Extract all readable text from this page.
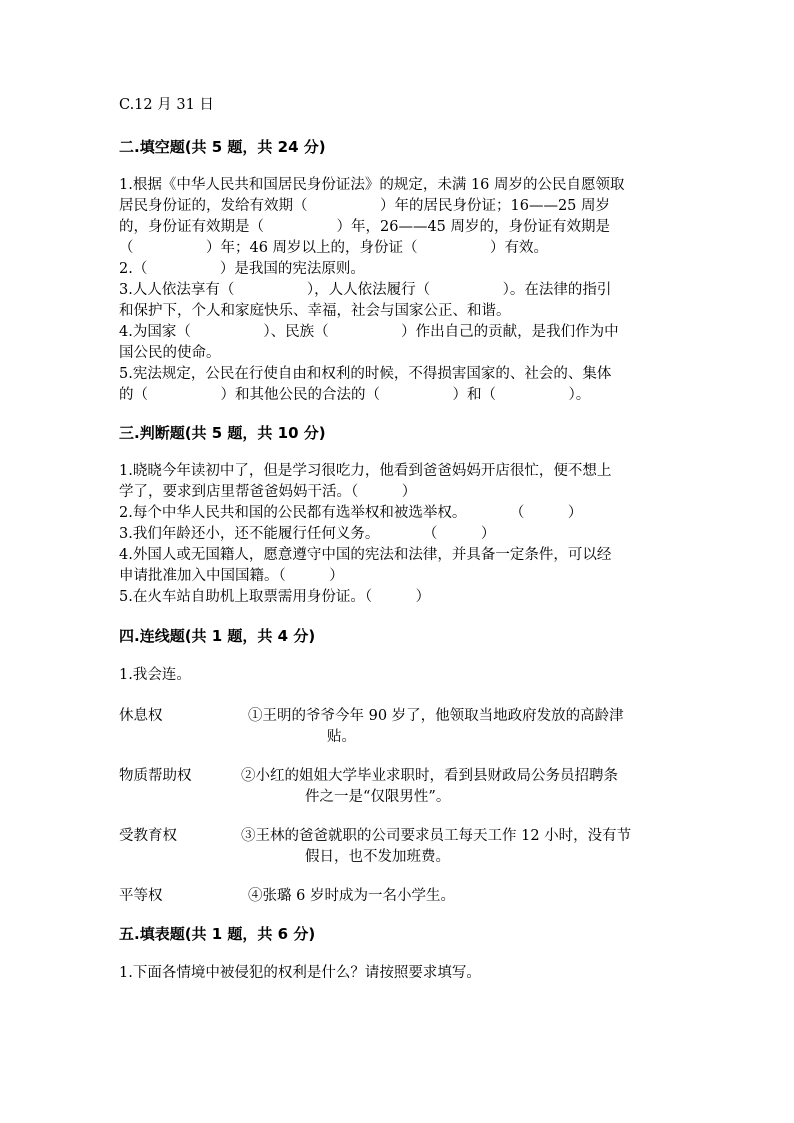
C.12 月 31 日
二.填空题(共 5 题，共 24 分)
1.根据《中华人民共和国居民身份证法》的规定，未满 16 周岁的公民自愿领取
居民身份证的，发给有效期（　　　　　）年的居民身份证；16——25 周岁
的，身份证有效期是（　　　　　）年，26——45 周岁的，身份证有效期是
（　　　　　）年；46 周岁以上的，身份证（　　　　　）有效。
2.（　　　　　）是我国的宪法原则。
3.人人依法享有（　　　　　），人人依法履行（　　　　　）。在法律的指引
和保护下，个人和家庭快乐、幸福，社会与国家公正、和谐。
4.为国家（　　　　　）、民族（　　　　　）作出自己的贡献，是我们作为中
国公民的使命。
5.宪法规定，公民在行使自由和权利的时候，不得损害国家的、社会的、集体
的（　　　　　）和其他公民的合法的（　　　　　）和（　　　　　）。
三.判断题(共 5 题，共 10 分)
1.晓晓今年读初中了，但是学习很吃力，他看到爸爸妈妈开店很忙，便不想上
学了，要求到店里帮爸爸妈妈干活。（　　　）
2.每个中华人民共和国的公民都有选举权和被选举权。　　　　（　　　）
3.我们年龄还小，还不能履行任何义务。　　　　（　　　）
4.外国人或无国籍人，愿意遵守中国的宪法和法律，并具备一定条件，可以经
申请批准加入中国国籍。（　　　）
5.在火车站自助机上取票需用身份证。（　　　）
四.连线题(共 1 题，共 4 分)
1.我会连。
休息权	①王明的爷爷今年 90 岁了，他领取当地政府发放的高龄津
贴。
物质帮助权	②小红的姐姐大学毕业求职时，看到县财政局公务员招聘条
件之一是“仅限男性”。
受教育权	③王林的爸爸就职的公司要求员工每天工作 12 小时，没有节
假日，也不发加班费。
平等权	④张璐 6 岁时成为一名小学生。
五.填表题(共 1 题，共 6 分)
1.下面各情境中被侵犯的权利是什么？请按照要求填写。
